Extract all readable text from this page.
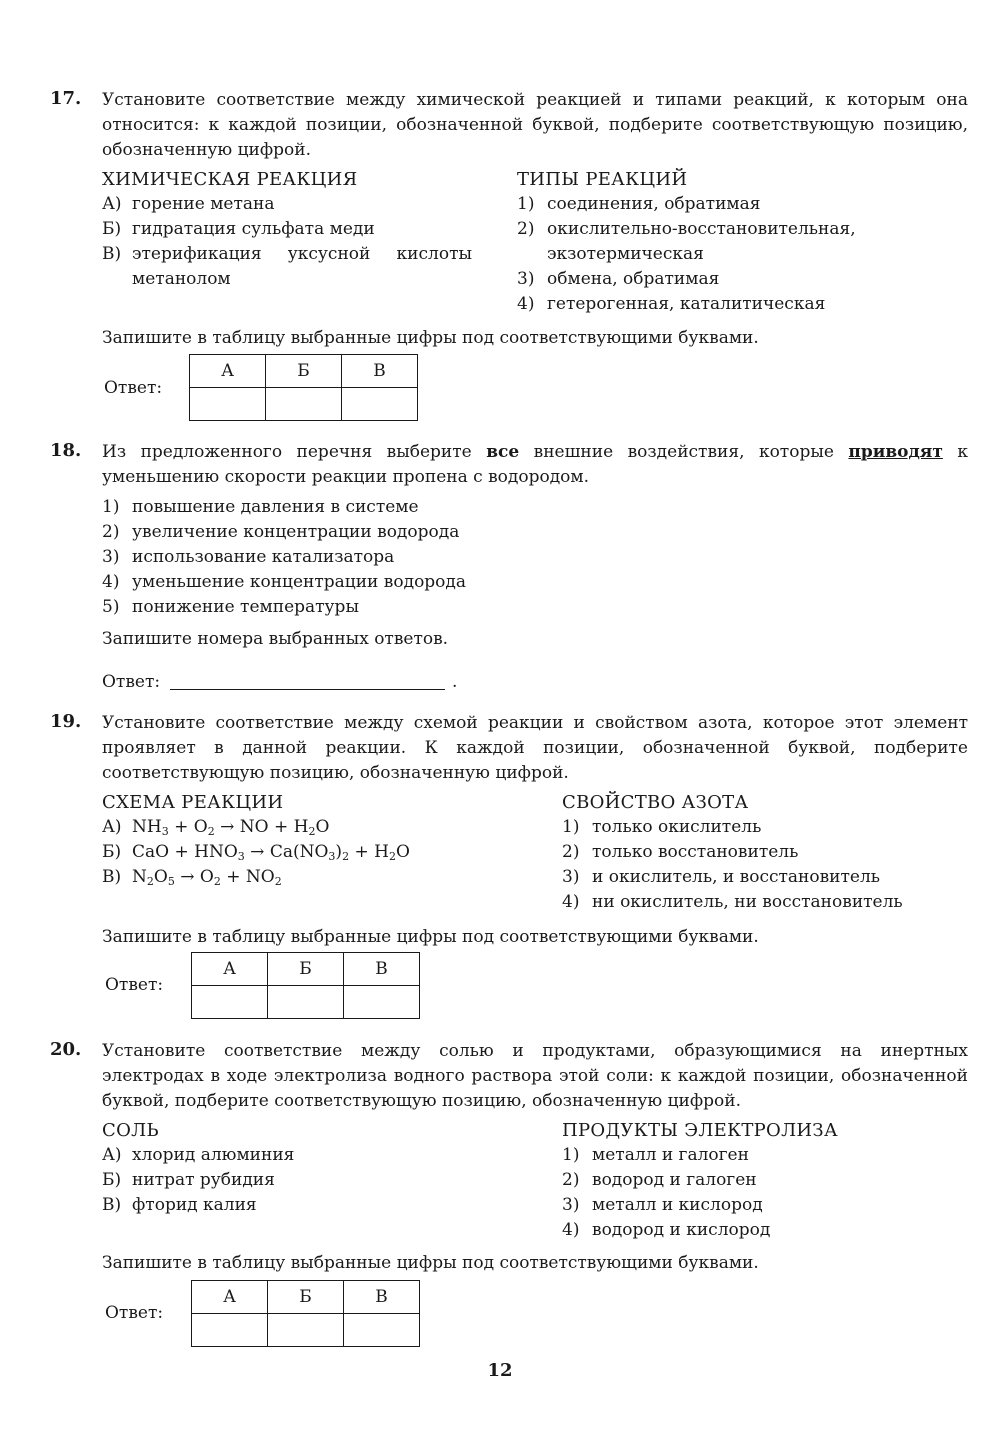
17. Установите соответствие между химической реакцией и типами реакций, к которым она относится: к каждой позиции, обозначенной буквой, подберите соответствующую позицию, обозначенную цифрой.
ХИМИЧЕСКАЯ РЕАКЦИЯ
А) горение метана
Б) гидратация сульфата меди
В) этерификация уксусной кислоты метанолом
ТИПЫ РЕАКЦИЙ
1) соединения, обратимая
2) окислительно-восстановительная, экзотермическая
3) обмена, обратимая
4) гетерогенная, каталитическая
Запишите в таблицу выбранные цифры под соответствующими буквами.
Ответ:
А	Б	В

18. Из предложенного перечня выберите все внешние воздействия, которые приводят к уменьшению скорости реакции пропена с водородом.
1) повышение давления в системе
2) увеличение концентрации водорода
3) использование катализатора
4) уменьшение концентрации водорода
5) понижение температуры
Запишите номера выбранных ответов.
Ответ:	.
19. Установите соответствие между схемой реакции и свойством азота, которое этот элемент проявляет в данной реакции. К каждой позиции, обозначенной буквой, подберите соответствующую позицию, обозначенную цифрой.
СХЕМА РЕАКЦИИ
А) $NH_3 + O_2$ → NO + $H_2O$
Б) CaO + $HNO_3 \to Ca(NO_3)_2 + H_2O$
В) $N_2O_5 \to O_2 + NO_2$
СВОЙСТВО АЗОТА
1) только окислитель
2) только восстановитель
3) и окислитель, и восстановитель
4) ни окислитель, ни восстановитель
Запишите в таблицу выбранные цифры под соответствующими буквами.
Ответ:
А	Б	В

20. Установите соответствие между солью и продуктами, образующимися на инертных электродах в ходе электролиза водного раствора этой соли: к каждой позиции, обозначенной буквой, подберите соответствующую позицию, обозначенную цифрой.
СОЛЬ
А) хлорид алюминия
Б) нитрат рубидия
В) фторид калия
ПРОДУКТЫ ЭЛЕКТРОЛИЗА
1) металл и галоген
2) водород и галоген
3) металл и кислород
4) водород и кислород
Запишите в таблицу выбранные цифры под соответствующими буквами.
Ответ:
А	Б	В

12
